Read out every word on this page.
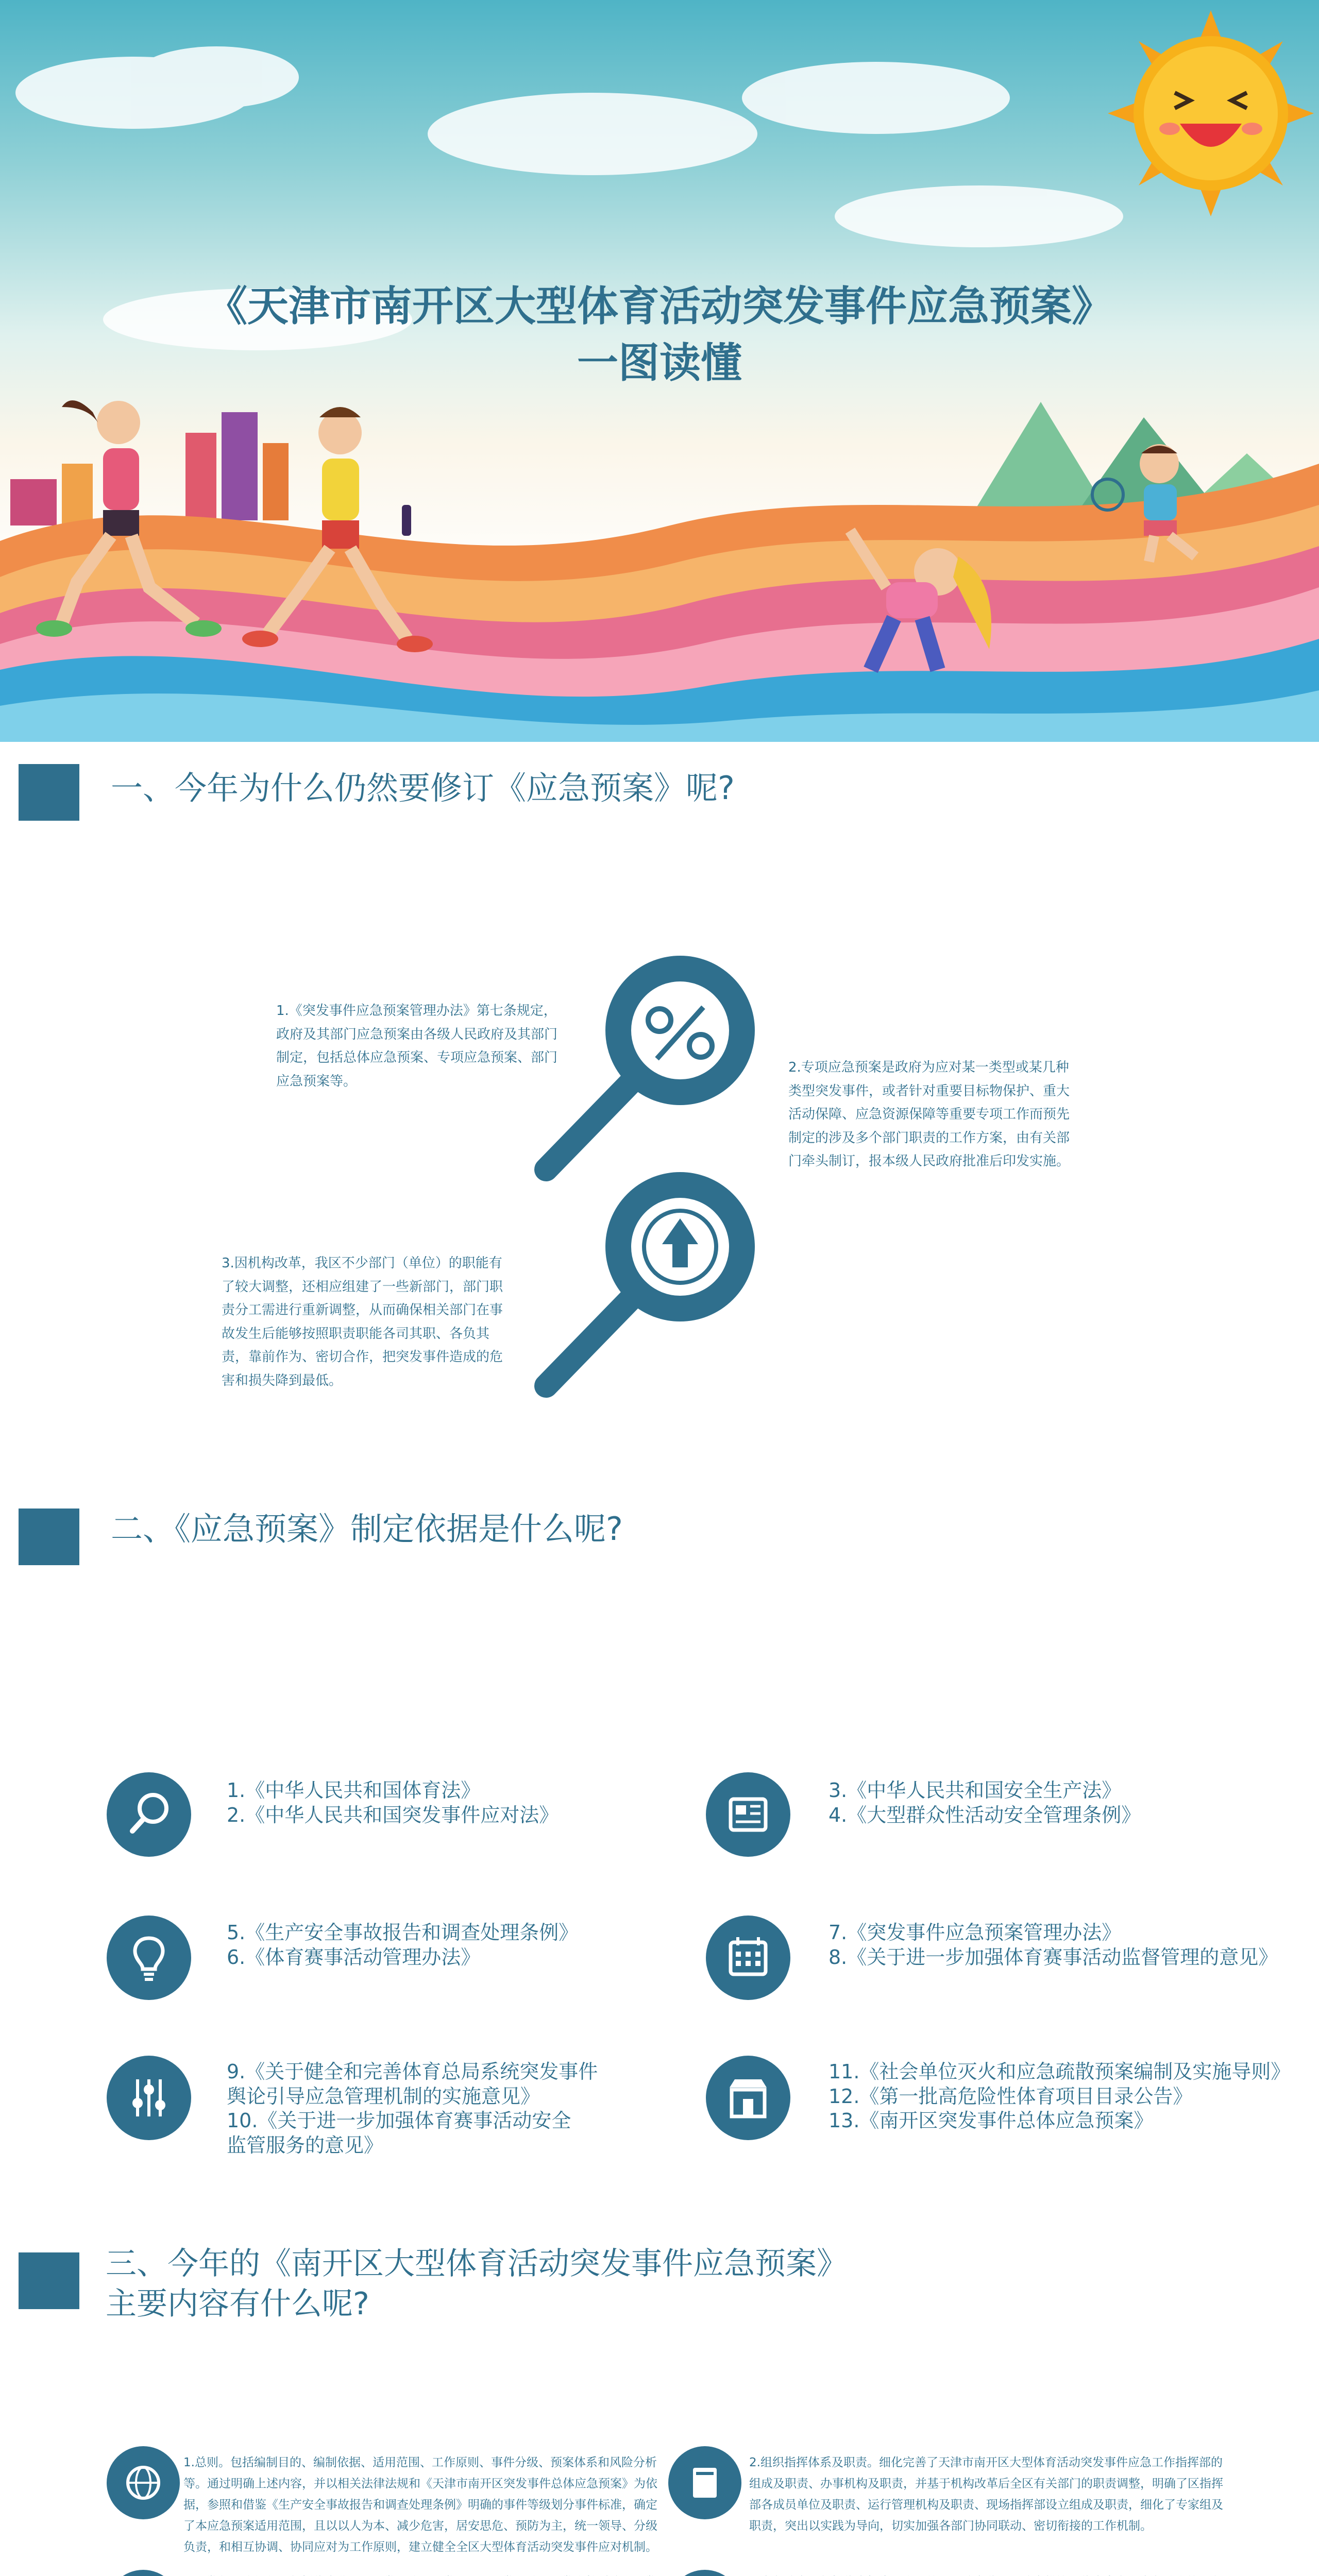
《天津市南开区大型体育活动突发事件应急预案》
一图读懂
一、今年为什么仍然要修订《应急预案》呢?
1.《突发事件应急预案管理办法》第七条规定，政府及其部门应急预案由各级人民政府及其部门制定，包括总体应急预案、专项应急预案、部门应急预案等。
2.专项应急预案是政府为应对某一类型或某几种类型突发事件，或者针对重要目标物保护、重大活动保障、应急资源保障等重要专项工作而预先制定的涉及多个部门职责的工作方案，由有关部门牵头制订，报本级人民政府批准后印发实施。
3.因机构改革，我区不少部门（单位）的职能有了较大调整，还相应组建了一些新部门，部门职责分工需进行重新调整，从而确保相关部门在事故发生后能够按照职责职能各司其职、各负其责，靠前作为、密切合作，把突发事件造成的危害和损失降到最低。
二、《应急预案》制定依据是什么呢?
1.《中华人民共和国体育法》
2.《中华人民共和国突发事件应对法》
3.《中华人民共和国安全生产法》
4.《大型群众性活动安全管理条例》
5.《生产安全事故报告和调查处理条例》
6.《体育赛事活动管理办法》
7.《突发事件应急预案管理办法》
8.《关于进一步加强体育赛事活动监督管理的意见》
9.《关于健全和完善体育总局系统突发事件
舆论引导应急管理机制的实施意见》
10.《关于进一步加强体育赛事活动安全
监管服务的意见》
11.《社会单位灭火和应急疏散预案编制及实施导则》
12.《第一批高危险性体育项目目录公告》
13.《南开区突发事件总体应急预案》
三、今年的《南开区大型体育活动突发事件应急预案》
主要内容有什么呢?
1.总则。包括编制目的、编制依据、适用范围、工作原则、事件分级、预案体系和风险分析等。通过明确上述内容，并以相关法律法规和《天津市南开区突发事件总体应急预案》为依据，参照和借鉴《生产安全事故报告和调查处理条例》明确的事件等级划分事件标准，确定了本应急预案适用范围，且以以人为本、减少危害，居安思危、预防为主，统一领导、分级负责，和相互协调、协同应对为工作原则，建立健全全区大型体育活动突发事件应对机制。
2.组织指挥体系及职责。细化完善了天津市南开区大型体育活动突发事件应急工作指挥部的组成及职责、办事机构及职责，并基于机构改革后全区有关部门的职责调整，明确了区指挥部各成员单位及职责、运行管理机构及职责、现场指挥部设立组成及职责，细化了专家组及职责，突出以实践为导向，切实加强各部门协同联动、密切衔接的工作机制。
